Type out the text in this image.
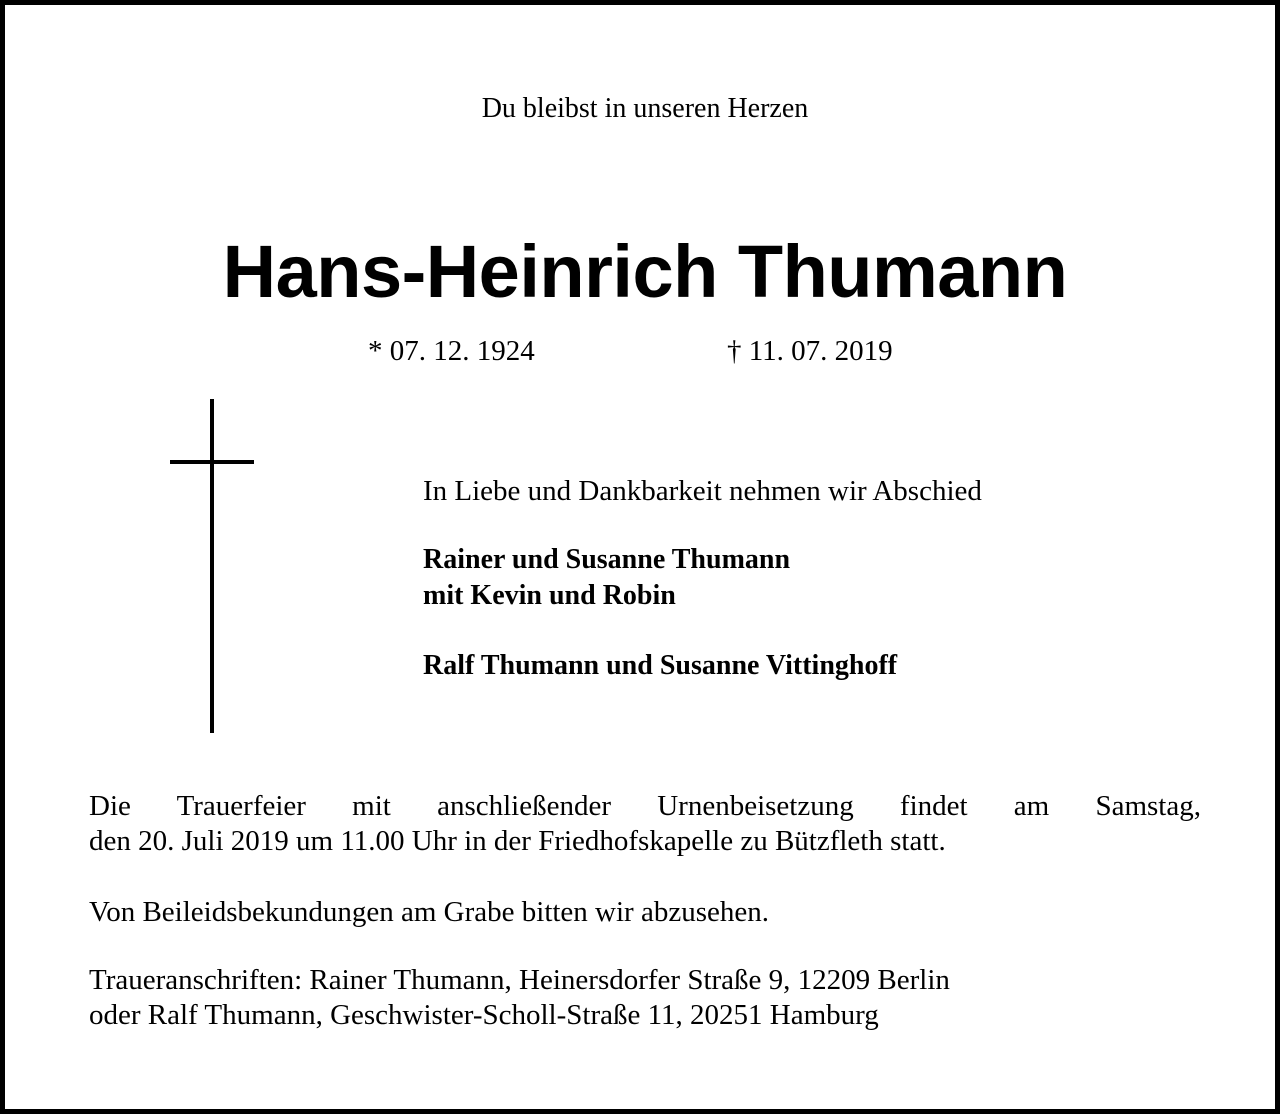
Du bleibst in unseren Herzen
Hans-Heinrich Thumann
* 07. 12. 1924	† 11. 07. 2019
In Liebe und Dankbarkeit nehmen wir Abschied
Rainer und Susanne Thumann
mit Kevin und Robin
Ralf Thumann und Susanne Vittinghoff
Die Trauerfeier mit anschließender Urnenbeisetzung findet am Samstag,
den 20. Juli 2019 um 11.00 Uhr in der Friedhofskapelle zu Bützfleth statt.
Von Beileidsbekundungen am Grabe bitten wir abzusehen.
Traueranschriften: Rainer Thumann, Heinersdorfer Straße 9, 12209 Berlin
oder Ralf Thumann, Geschwister-Scholl-Straße 11, 20251 Hamburg
